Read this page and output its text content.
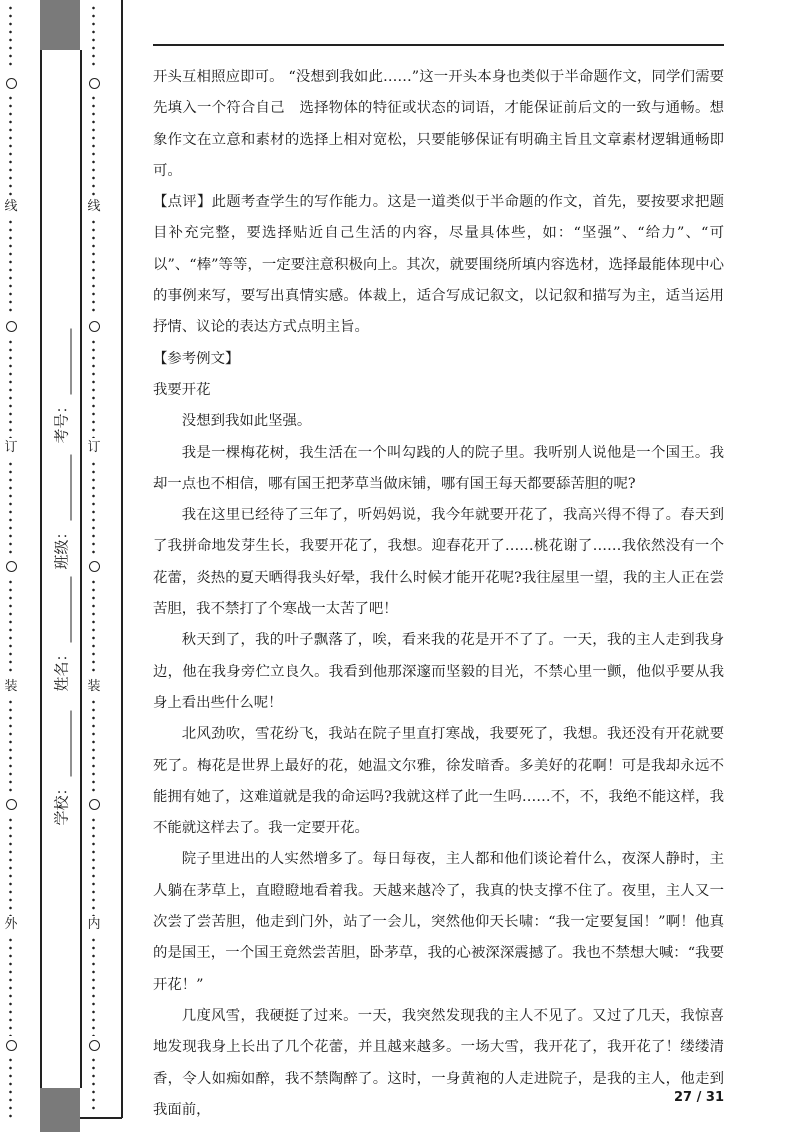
线
订
装
外
线
订
装
内
学校：
姓名：
班级：
考号：

开头互相照应即可。 “没想到我如此……”这一开头本身也类似于半命题作文，同学们需要先填入一个符合自己　选择物体的特征或状态的词语，才能保证前后文的一致与通畅。想象作文在立意和素材的选择上相对宽松，只要能够保证有明确主旨且文章素材逻辑通畅即可。

【点评】此题考查学生的写作能力。这是一道类似于半命题的作文，首先，要按要求把题目补充完整，要选择贴近自己生活的内容，尽量具体些，如：“坚强”、“给力”、“可以”、“棒”等等，一定要注意积极向上。其次，就要围绕所填内容选材，选择最能体现中心的事例来写，要写出真情实感。体裁上，适合写成记叙文，以记叙和描写为主，适当运用抒情、议论的表达方式点明主旨。

【参考例文】

我要开花

没想到我如此坚强。

我是一棵梅花树，我生活在一个叫勾践的人的院子里。我听别人说他是一个国王。我却一点也不相信，哪有国王把茅草当做床铺，哪有国王每天都要舔苦胆的呢?

我在这里已经待了三年了，听妈妈说，我今年就要开花了，我高兴得不得了。春天到了我拼命地发芽生长，我要开花了，我想。迎春花开了……桃花谢了……我依然没有一个花蕾，炎热的夏天晒得我头好晕，我什么时候才能开花呢?我往屋里一望，我的主人正在尝苦胆，我不禁打了个寒战一太苦了吧！

秋天到了，我的叶子飘落了，唉，看来我的花是开不了了。一天，我的主人走到我身边，他在我身旁伫立良久。我看到他那深邃而坚毅的目光，不禁心里一颤，他似乎要从我身上看出些什么呢！

北风劲吹，雪花纷飞，我站在院子里直打寒战，我要死了，我想。我还没有开花就要死了。梅花是世界上最好的花，她温文尔雅，徐发暗香。多美好的花啊！可是我却永远不能拥有她了，这难道就是我的命运吗?我就这样了此一生吗……不，不，我绝不能这样，我不能就这样去了。我一定要开花。

院子里进出的人实然增多了。每日每夜，主人都和他们谈论着什么，夜深人静时，主人躺在茅草上，直瞪瞪地看着我。天越来越冷了，我真的快支撑不住了。夜里，主人又一次尝了尝苦胆，他走到门外，站了一会儿，突然他仰天长啸：“我一定要复国！”啊！他真的是国王，一个国王竟然尝苦胆，卧茅草，我的心被深深震撼了。我也不禁想大喊：“我要开花！”

几度风雪，我硬挺了过来。一天，我突然发现我的主人不见了。又过了几天，我惊喜地发现我身上长出了几个花蕾，并且越来越多。一场大雪，我开花了，我开花了！缕缕清香，令人如痴如醉，我不禁陶醉了。这时，一身黄袍的人走进院子，是我的主人，他走到我面前，

27 / 31
